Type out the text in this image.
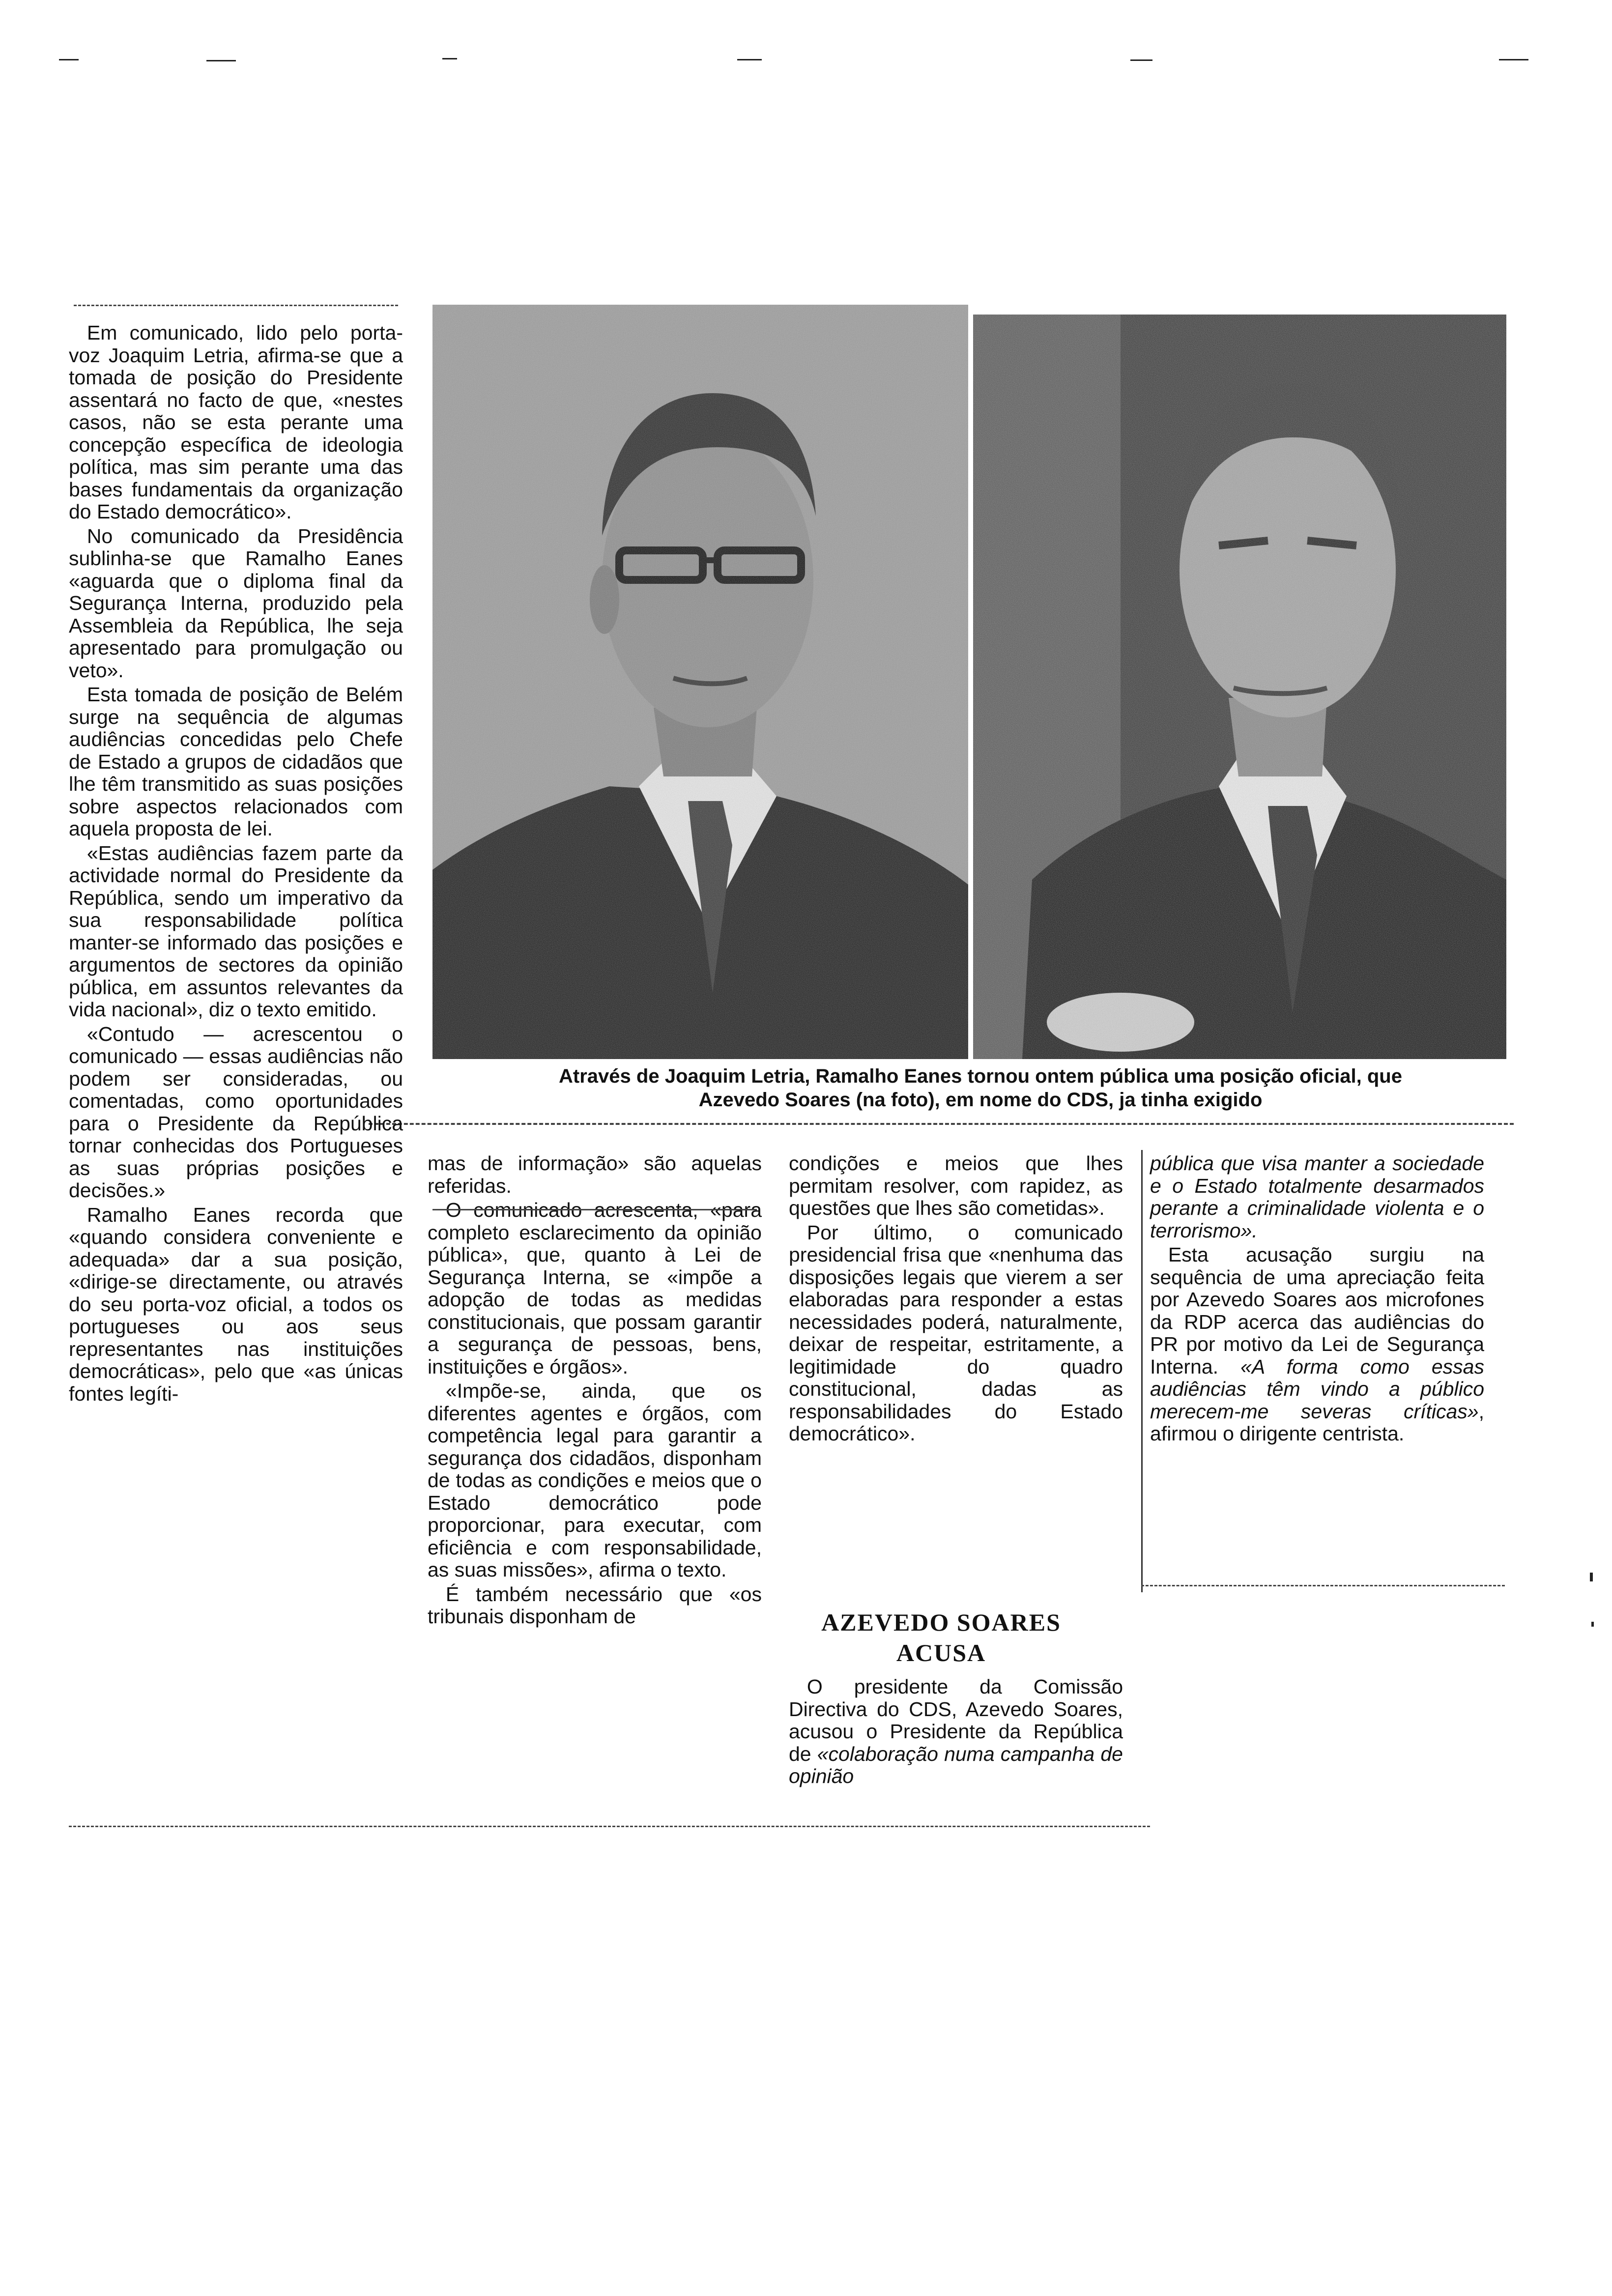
Através de Joaquim Letria, Ramalho Eanes tornou ontem pública uma posição oficial, que
Azevedo Soares (na foto), em nome do CDS, ja tinha exigido

Em comunicado, lido pelo porta-voz Joaquim Letria, afirma-se que a tomada de posição do Presidente assentará no facto de que, «nestes casos, não se esta perante uma concepção específica de ideologia política, mas sim perante uma das bases fundamentais da organização do Estado democrático».

No comunicado da Presidência sublinha-se que Ramalho Eanes «aguarda que o diploma final da Segurança Interna, produzido pela Assembleia da República, lhe seja apresentado para promulgação ou veto».

Esta tomada de posição de Belém surge na sequência de algumas audiências concedidas pelo Chefe de Estado a grupos de cidadãos que lhe têm transmitido as suas posições sobre aspectos relacionados com aquela proposta de lei.

«Estas audiências fazem parte da actividade normal do Presidente da República, sendo um imperativo da sua responsabilidade política manter-se informado das posições e argumentos de sectores da opinião pública, em assuntos relevantes da vida nacional», diz o texto emitido.

«Contudo — acrescentou o comunicado — essas audiências não podem ser consideradas, ou comentadas, como oportunidades para o Presidente da República tornar conhecidas dos Portugueses as suas próprias posições e decisões.»

Ramalho Eanes recorda que «quando considera conveniente e adequada» dar a sua posição, «dirige-se directamente, ou através do seu porta-voz oficial, a todos os portugueses ou aos seus representantes nas instituições democráticas», pelo que «as únicas fontes legíti-

mas de informação» são aquelas referidas.

O comunicado acrescenta, «para completo esclarecimento da opinião pública», que, quanto à Lei de Segurança Interna, se «impõe a adopção de todas as medidas constitucionais, que possam garantir a segurança de pessoas, bens, instituições e órgãos».

«Impõe-se, ainda, que os diferentes agentes e órgãos, com competência legal para garantir a segurança dos cidadãos, disponham de todas as condições e meios que o Estado democrático pode proporcionar, para executar, com eficiência e com responsabilidade, as suas missões», afirma o texto.

É também necessário que «os tribunais disponham de

condições e meios que lhes permitam resolver, com rapidez, as questões que lhes são cometidas».

Por último, o comunicado presidencial frisa que «nenhuma das disposições legais que vierem a ser elaboradas para responder a estas necessidades poderá, naturalmente, deixar de respeitar, estritamente, a legitimidade do quadro constitucional, dadas as responsabilidades do Estado democrático».

AZEVEDO SOARES
ACUSA

O presidente da Comissão Directiva do CDS, Azevedo Soares, acusou o Presidente da República de «colaboração numa campanha de opinião

pública que visa manter a sociedade e o Estado totalmente desarmados perante a criminalidade violenta e o terrorismo».

Esta acusação surgiu na sequência de uma apreciação feita por Azevedo Soares aos microfones da RDP acerca das audiências do PR por motivo da Lei de Segurança Interna. «A forma como essas audiências têm vindo a público merecem-me severas críticas», afirmou o dirigente centrista.
